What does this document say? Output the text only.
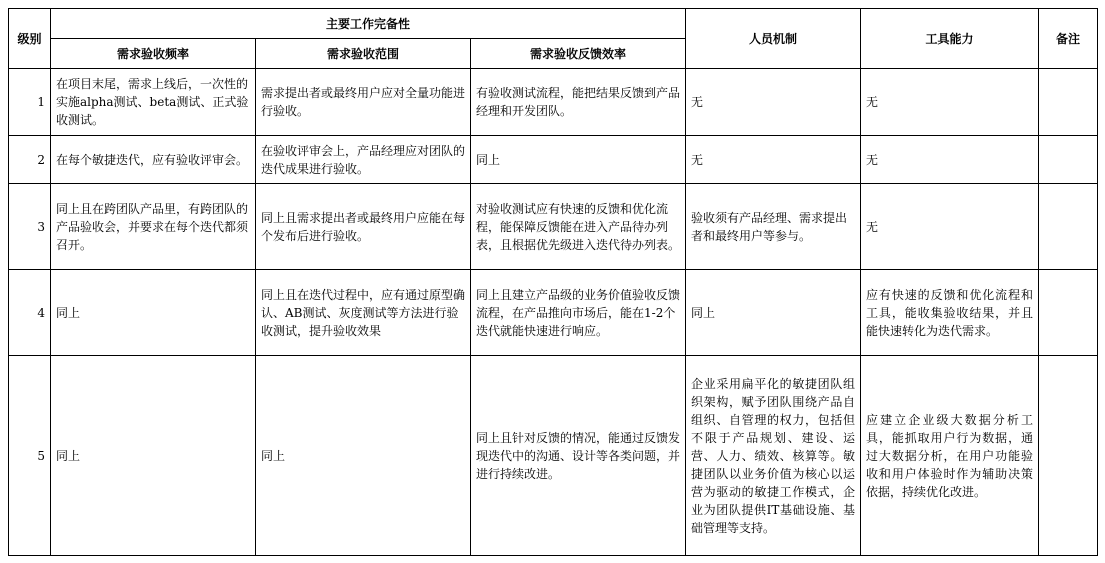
级别	主要工作完备性			人员机制	工具能力	备注
	需求验收频率	需求验收范围	需求验收反馈效率			
1	在项目末尾，需求上线后，一次性的实施alpha测试、beta测试、正式验收测试。	需求提出者或最终用户应对全量功能进行验收。	有验收测试流程，能把结果反馈到产品经理和开发团队。	无	无	
2	在每个敏捷迭代，应有验收评审会。	在验收评审会上，产品经理应对团队的迭代成果进行验收。	同上	无	无	
3	同上且在跨团队产品里，有跨团队的产品验收会，并要求在每个迭代都须召开。	同上且需求提出者或最终用户应能在每个发布后进行验收。	对验收测试应有快速的反馈和优化流程，能保障反馈能在进入产品待办列表，且根据优先级进入迭代待办列表。	验收须有产品经理、需求提出者和最终用户等参与。	无	
4	同上	同上且在迭代过程中，应有通过原型确认、AB测试、灰度测试等方法进行验收测试，提升验收效果	同上且建立产品级的业务价值验收反馈流程，在产品推向市场后，能在1-2个迭代就能快速进行响应。	同上	应有快速的反馈和优化流程和工具，能收集验收结果，并且能快速转化为迭代需求。	
5	同上	同上	同上且针对反馈的情况，能通过反馈发现迭代中的沟通、设计等各类问题，并进行持续改进。	企业采用扁平化的敏捷团队组织架构，赋予团队围绕产品自组织、自管理的权力，包括但不限于产品规划、建设、运营、人力、绩效、核算等。敏捷团队以业务价值为核心以运营为驱动的敏捷工作模式，企业为团队提供IT基础设施、基础管理等支持。	应建立企业级大数据分析工具，能抓取用户行为数据，通过大数据分析，在用户功能验收和用户体验时作为辅助决策依据，持续优化改进。	
